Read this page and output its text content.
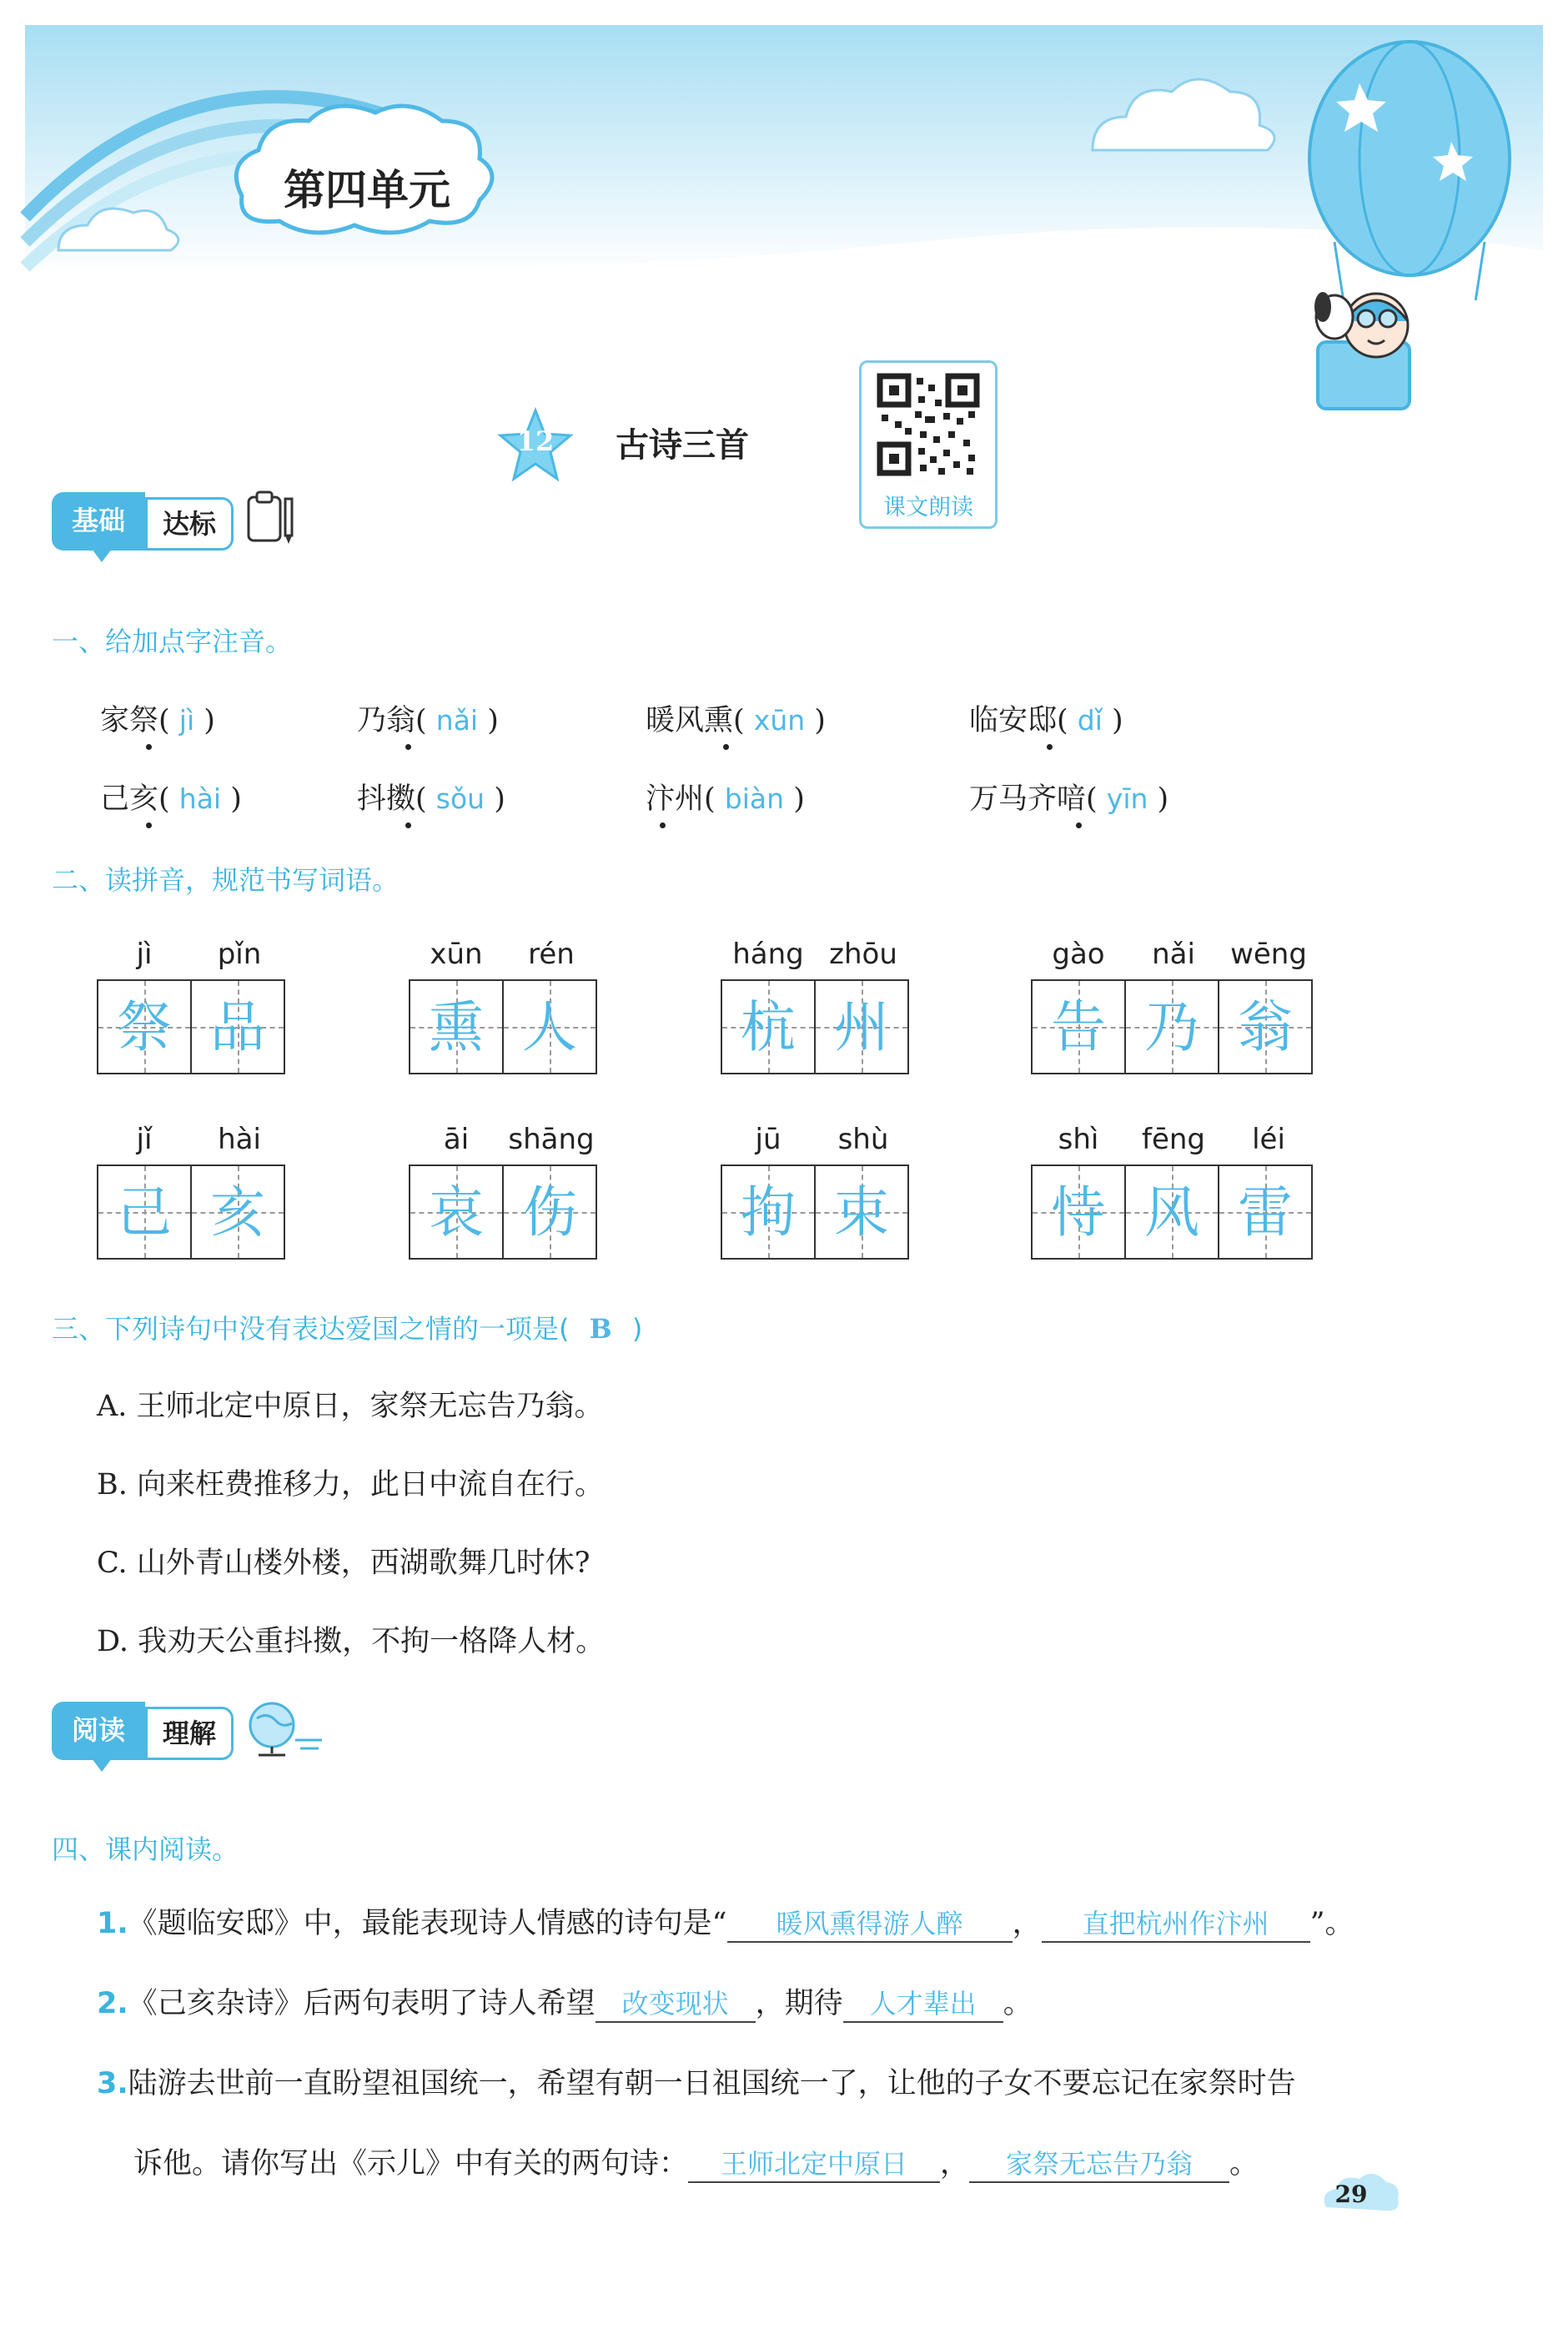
第四单元
12	古诗三首
课文朗读
基础	达标
一、给加点字注音。
家祭( jì )	乃翁( nǎi )	暖风熏( xūn )	临安邸( dǐ )
己亥( hài )	抖擞( sǒu )	汴州( biàn )	万马齐喑( yīn )
二、读拼音，规范书写词语。
jì	pǐn
祭 品
xūn	rén
熏 人
háng zhōu
杭 州
gào	nǎi	wēng
告 乃 翁
jǐ	hài
己 亥
āi	shāng
哀 伤
jū	shù
拘 束
shì	fēng	léi
恃 风 雷
三、下列诗句中没有表达爱国之情的一项是( B )
A. 王师北定中原日，家祭无忘告乃翁。
B. 向来枉费推移力，此日中流自在行。
C. 山外青山楼外楼，西湖歌舞几时休?
D. 我劝天公重抖擞，不拘一格降人材。
阅读	理解
四、课内阅读。
1.《题临安邸》中，最能表现诗人情感的诗句是“ 暖风熏得游人醉 ， 直把杭州作汴州 ”。
2.《己亥杂诗》后两句表明了诗人希望 改变现状 ，期待 人才辈出 。
3.陆游去世前一直盼望祖国统一，希望有朝一日祖国统一了，让他的子女不要忘记在家祭时告
诉他。请你写出《示儿》中有关的两句诗： 王师北定中原日 ， 家祭无忘告乃翁 。
29
